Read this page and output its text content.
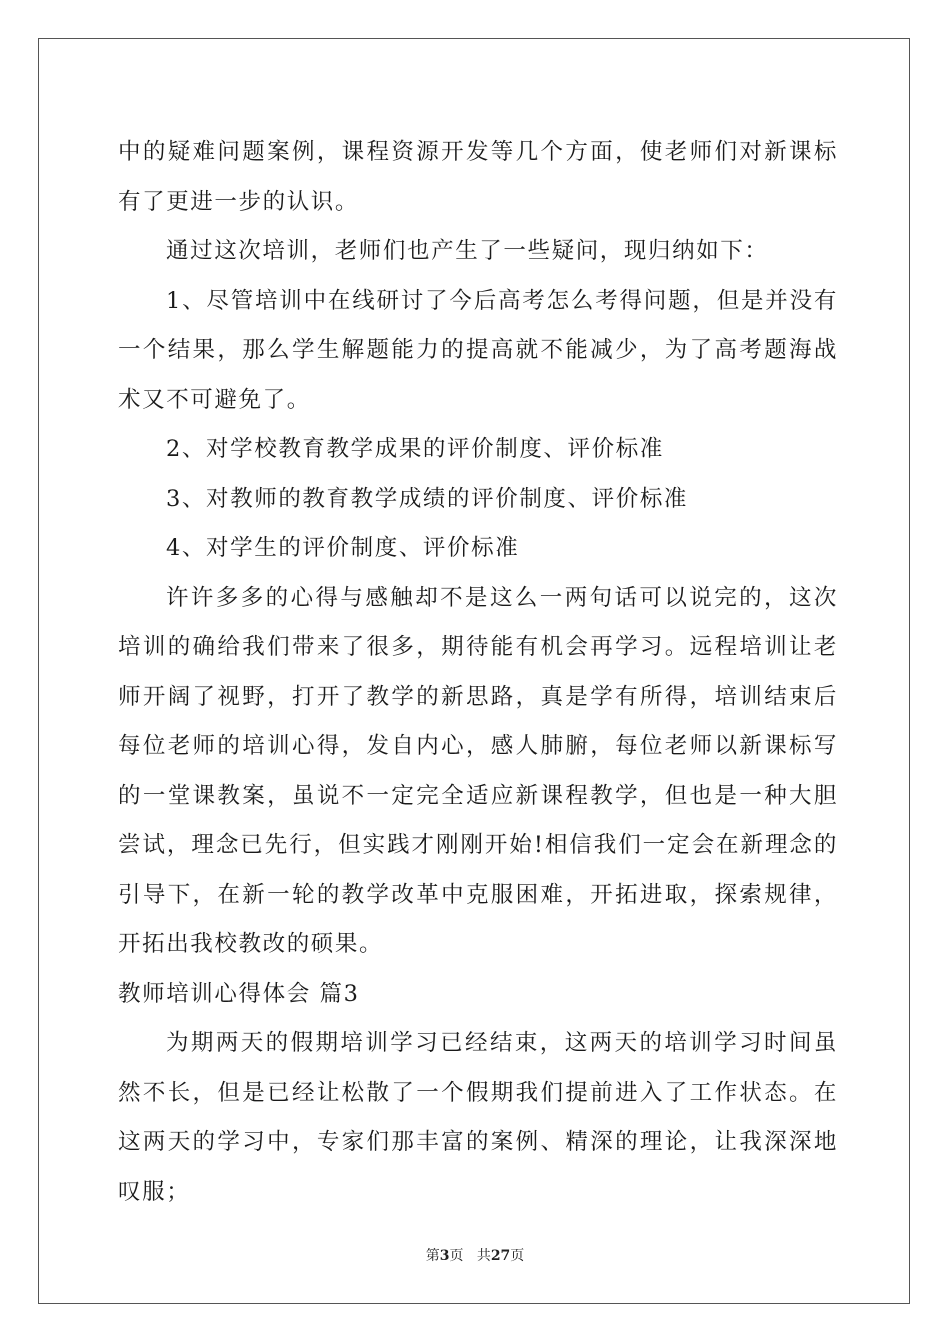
中的疑难问题案例，课程资源开发等几个方面，使老师们对新课标有了更进一步的认识。

通过这次培训，老师们也产生了一些疑问，现归纳如下：

1、尽管培训中在线研讨了今后高考怎么考得问题，但是并没有一个结果，那么学生解题能力的提高就不能减少，为了高考题海战术又不可避免了。

2、对学校教育教学成果的评价制度、评价标准

3、对教师的教育教学成绩的评价制度、评价标准

4、对学生的评价制度、评价标准

许许多多的心得与感触却不是这么一两句话可以说完的，这次培训的确给我们带来了很多，期待能有机会再学习。远程培训让老师开阔了视野，打开了教学的新思路，真是学有所得，培训结束后每位老师的培训心得，发自内心，感人肺腑，每位老师以新课标写的一堂课教案，虽说不一定完全适应新课程教学，但也是一种大胆尝试，理念已先行，但实践才刚刚开始!相信我们一定会在新理念的引导下，在新一轮的教学改革中克服困难，开拓进取，探索规律，开拓出我校教改的硕果。

教师培训心得体会 篇3

为期两天的假期培训学习已经结束，这两天的培训学习时间虽然不长，但是已经让松散了一个假期我们提前进入了工作状态。在这两天的学习中，专家们那丰富的案例、精深的理论，让我深深地叹服；

第3页 共27页
